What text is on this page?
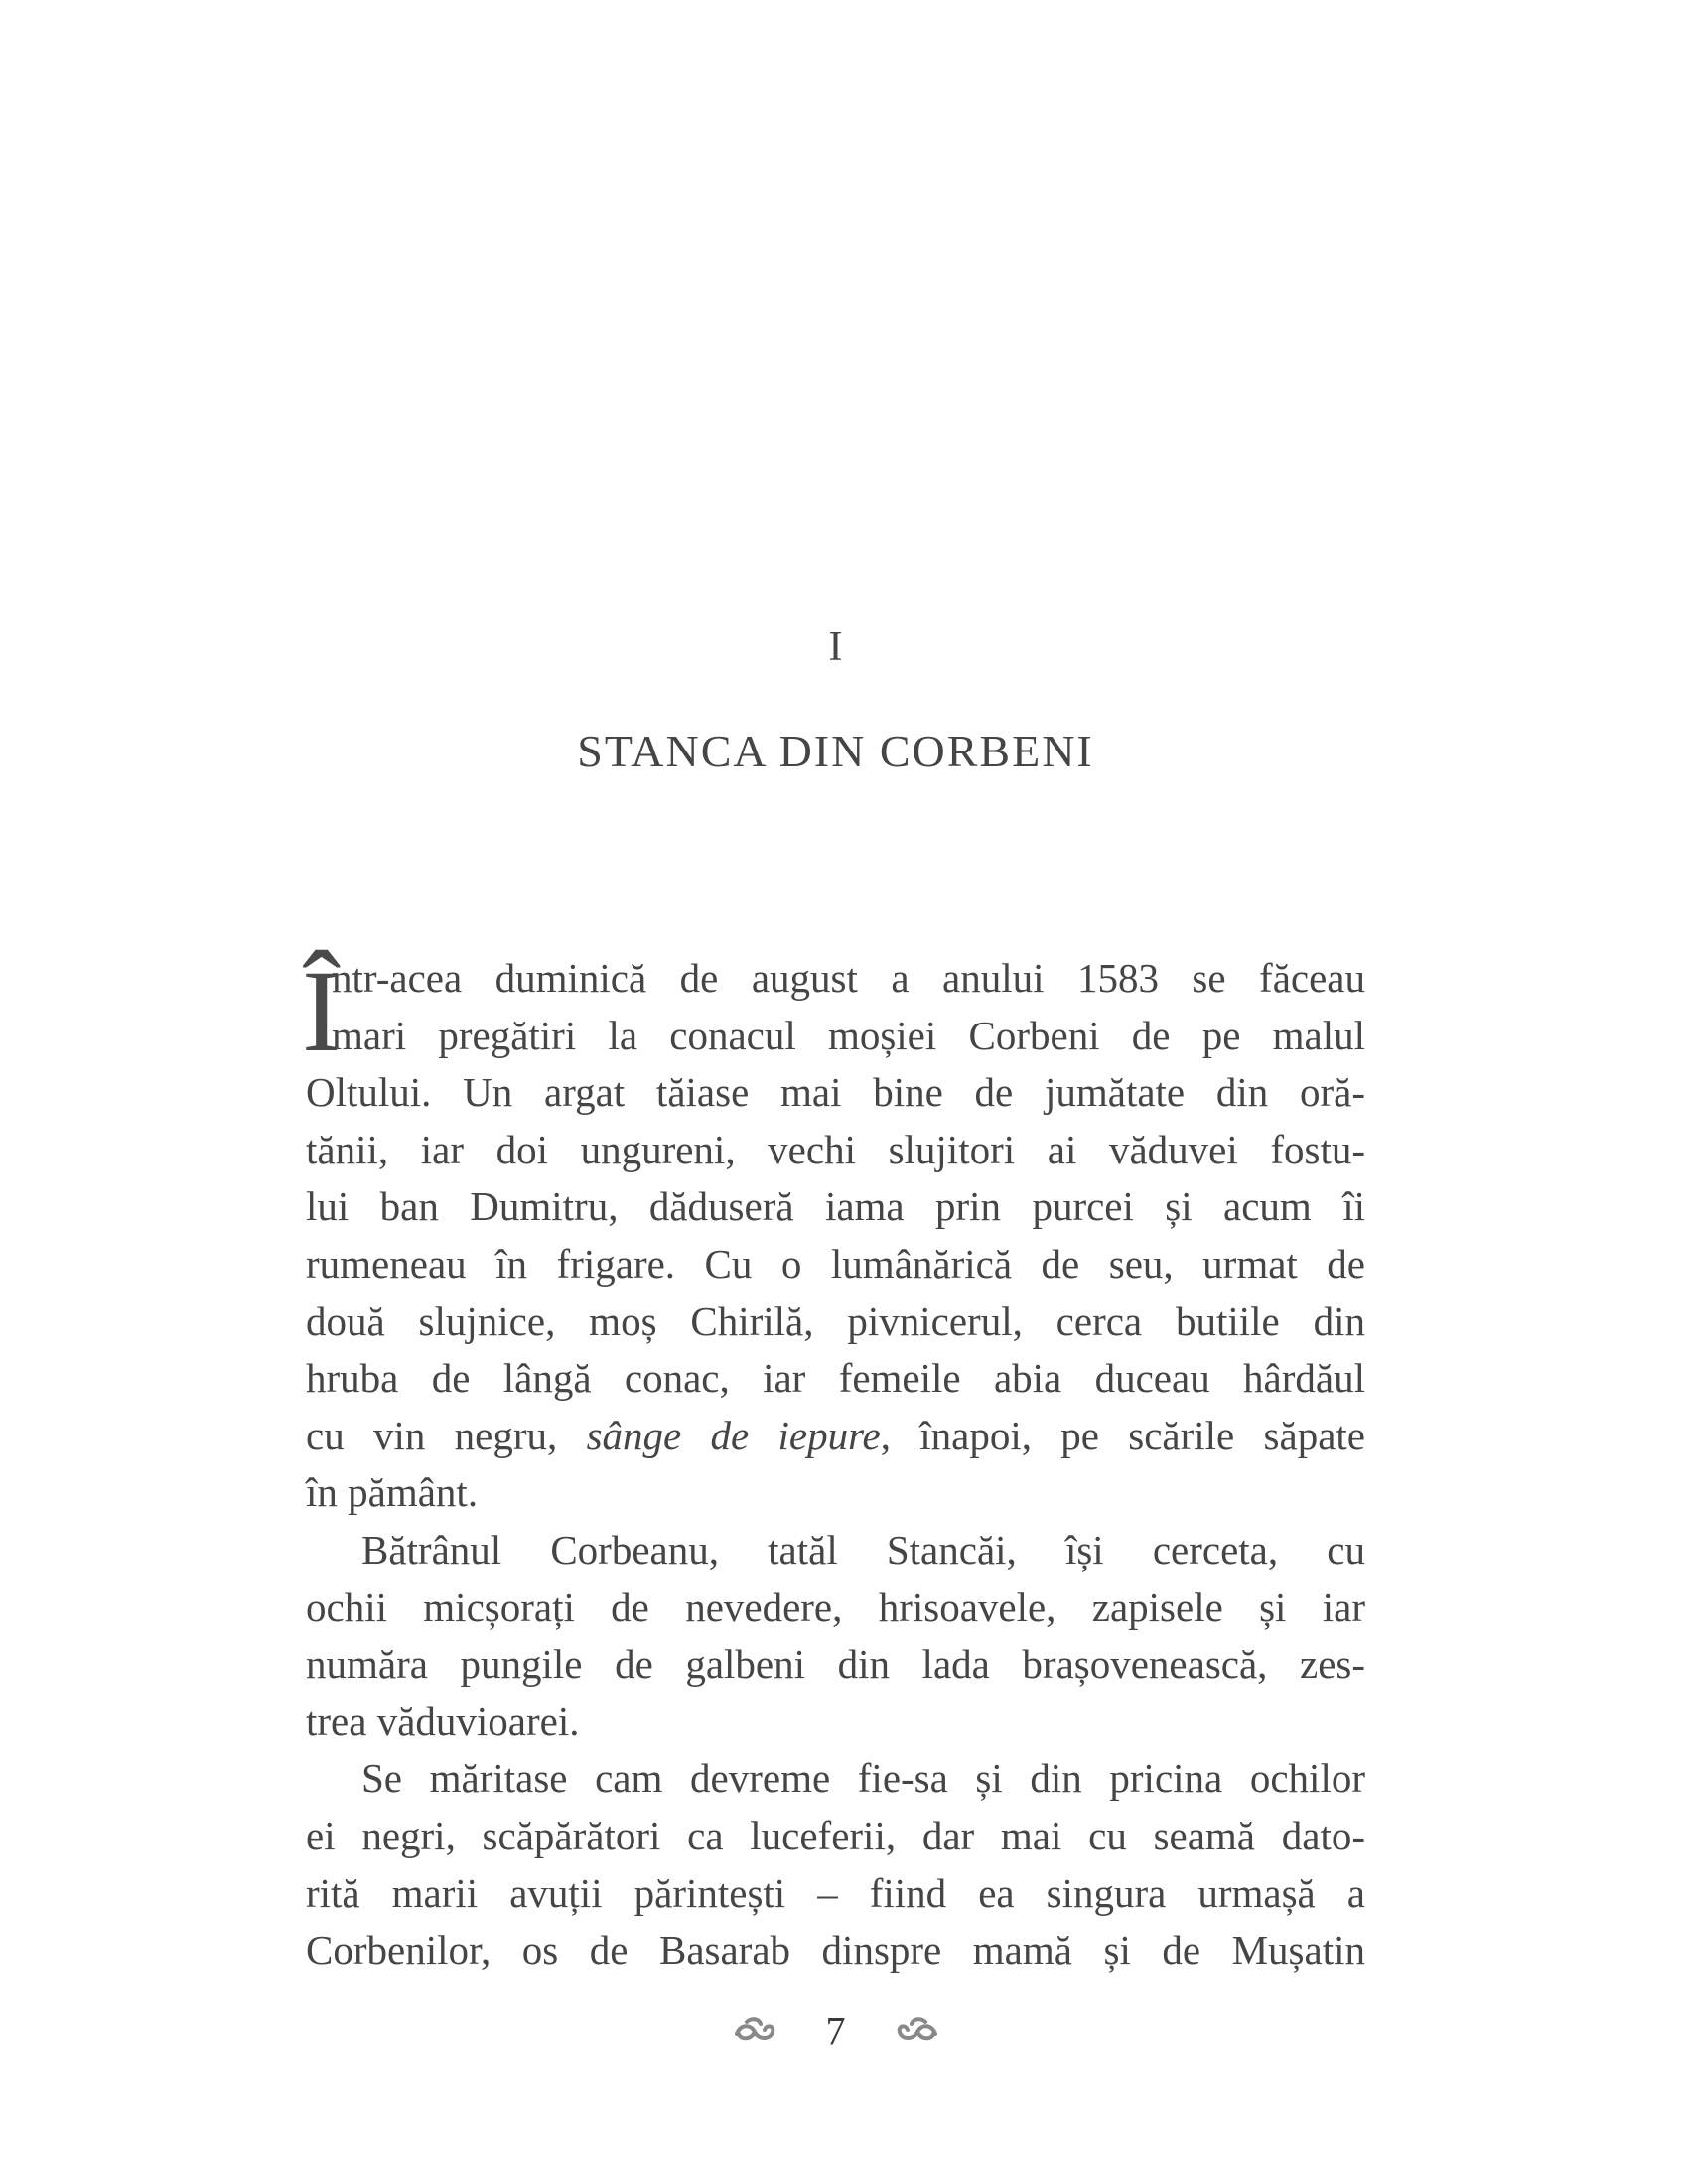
I
STANCA DIN CORBENI
Î
ntr-acea duminică de august a anului 1583 se făceau
mari pregătiri la conacul moșiei Corbeni de pe malul
Oltului. Un argat tăiase mai bine de jumătate din oră-
tănii, iar doi ungureni, vechi slujitori ai văduvei fostu-
lui ban Dumitru, dăduseră iama prin purcei și acum îi
rumeneau în frigare. Cu o lumânărică de seu, urmat de
două slujnice, moș Chirilă, pivnicerul, cerca butiile din
hruba de lângă conac, iar femeile abia duceau hârdăul
cu vin negru, sânge de iepure, înapoi, pe scările săpate
în pământ.
Bătrânul Corbeanu, tatăl Stancăi, își cerceta, cu
ochii micșorați de nevedere, hrisoavele, zapisele și iar
număra pungile de galbeni din lada brașovenească, zes-
trea văduvioarei.
Se măritase cam devreme fie-sa și din pricina ochilor
ei negri, scăpărători ca luceferii, dar mai cu seamă dato-
rită marii avuții părintești – fiind ea singura urmașă a
Corbenilor, os de Basarab dinspre mamă și de Mușatin
7
